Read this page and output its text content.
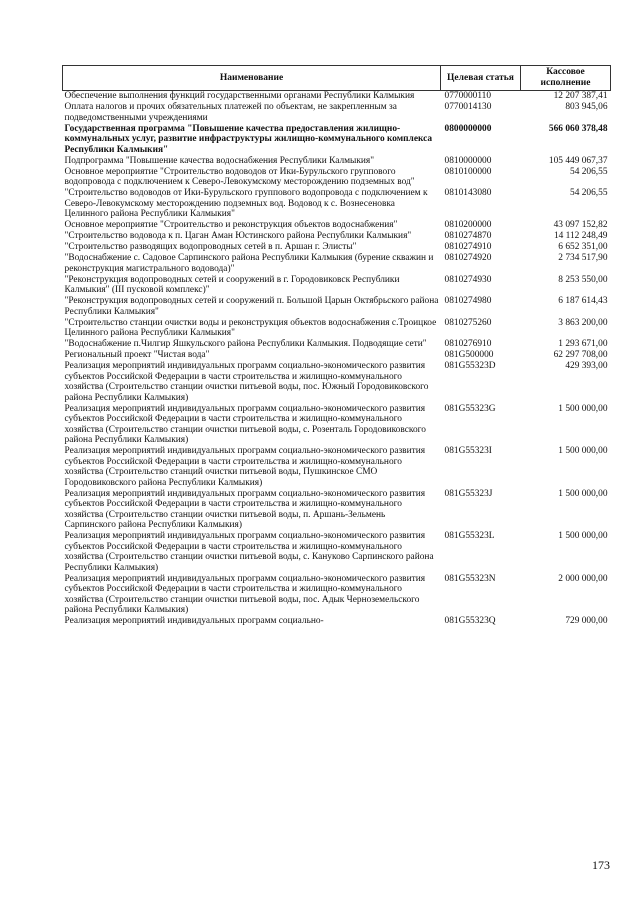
Наименование	Целевая статья	Кассовое исполнение
Обеспечение выполнения функций государственными органами Республики Калмыкия	0770000110	12 207 387,41
Оплата налогов и прочих обязательных платежей по объектам, не закрепленным за подведомственными учреждениями	0770014130	803 945,06
Государственная программа "Повышение качества предоставления жилищно-коммунальных услуг, развитие инфраструктуры жилищно-коммунального комплекса Республики Калмыкия"	0800000000	566 060 378,48
Подпрограмма "Повышение качества водоснабжения Республики Калмыкия"	0810000000	105 449 067,37
Основное мероприятие "Строительство водоводов от Ики-Бурульского группового водопровода с подключением к Северо-Левокумскому месторождению подземных вод"	0810100000	54 206,55
"Строительство водоводов от Ики-Бурульского группового водопровода с подключением к Северо-Левокумскому месторождению подземных вод. Водовод к с. Вознесеновка Целинного района Республики Калмыкия"	0810143080	54 206,55
Основное мероприятие "Строительство и реконструкция объектов водоснабжения"	0810200000	43 097 152,82
"Строительство водовода к п. Цаган Аман Юстинского района Республики Калмыкия"	0810274870	14 112 248,49
"Строительство разводящих водопроводных сетей в п. Аршан г. Элисты"	0810274910	6 652 351,00
"Водоснабжение с. Садовое Сарпинского района Республики Калмыкия (бурение скважин и реконструкция магистрального водовода)"	0810274920	2 734 517,90
"Реконструкция водопроводных сетей и сооружений в г. Городовиковск Республики Калмыкия" (III пусковой комплекс)"	0810274930	8 253 550,00
"Реконструкция водопроводных сетей и сооружений п. Большой Царын Октябрьского района Республики Калмыкия"	0810274980	6 187 614,43
"Строительство станции очистки воды и реконструкция объектов водоснабжения с.Троицкое Целинного района Республики Калмыкия"	0810275260	3 863 200,00
"Водоснабжение п.Чилгир Яшкульского района Республики Калмыкия. Подводящие сети"	0810276910	1 293 671,00
Региональный проект "Чистая вода"	081G500000	62 297 708,00
Реализация мероприятий индивидуальных программ социально-экономического развития субъектов Российской Федерации в части строительства и жилищно-коммунального хозяйства (Строительство станции очистки питьевой воды, пос. Южный Городовиковского района Республики Калмыкия)	081G55323D	429 393,00
Реализация мероприятий индивидуальных программ социально-экономического развития субъектов Российской Федерации в части строительства и жилищно-коммунального хозяйства (Строительство станции очистки питьевой воды, с. Розенталь Городовиковского района Республики Калмыкия)	081G55323G	1 500 000,00
Реализация мероприятий индивидуальных программ социально-экономического развития субъектов Российской Федерации в части строительства и жилищно-коммунального хозяйства (Строительство станций очистки питьевой воды, Пушкинское СМО Городовиковского района Республики Калмыкия)	081G55323I	1 500 000,00
Реализация мероприятий индивидуальных программ социально-экономического развития субъектов Российской Федерации в части строительства и жилищно-коммунального хозяйства (Строительство станции очистки питьевой воды, п. Аршань-Зельмень Сарпинского района Республики Калмыкия)	081G55323J	1 500 000,00
Реализация мероприятий индивидуальных программ социально-экономического развития субъектов Российской Федерации в части строительства и жилищно-коммунального хозяйства (Строительство станции очистки питьевой воды, с. Кануково Сарпинского района Республики Калмыкия)	081G55323L	1 500 000,00
Реализация мероприятий индивидуальных программ социально-экономического развития субъектов Российской Федерации в части строительства и жилищно-коммунального хозяйства (Строительство станции очистки питьевой воды, пос. Адык Черноземельского района Республики Калмыкия)	081G55323N	2 000 000,00
Реализация мероприятий индивидуальных программ социально-	081G55323Q	729 000,00
173
